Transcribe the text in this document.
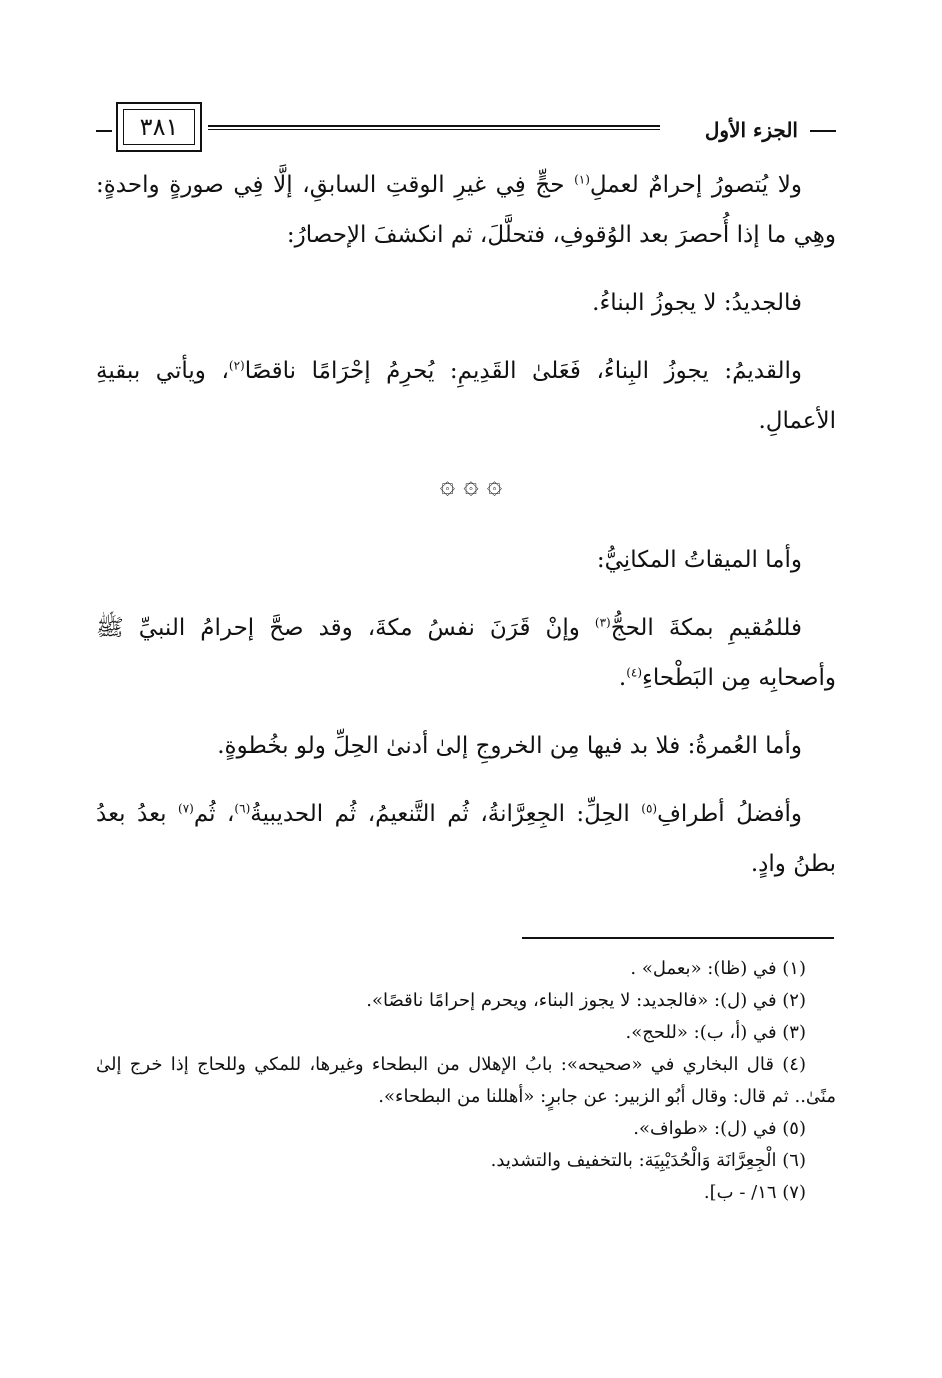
الجزء الأول
٣٨١

ولا يُتصورُ إحرامٌ لعملِ$^{(١)}$ حجٍّ فِي غيرِ الوقتِ السابقِ، إلَّا فِي صورةٍ واحدةٍ: وهِي ما إذا أُحصرَ بعد الوُقوفِ، فتحلَّلَ، ثم انكشفَ الإحصارُ:

فالجديدُ: لا يجوزُ البناءُ.

والقديمُ: يجوزُ البِناءُ، فَعَلىٰ القَدِيمِ: يُحرِمُ إحْرَامًا ناقصًا$^{(٢)}$، ويأتي ببقيةِ الأعمالِ.

۞ ۞ ۞

وأما الميقاتُ المكانِيُّ:

فللمُقيمِ بمكةَ الحجُّ$^{(٣)}$ وإنْ قَرَنَ نفسُ مكةَ، وقد صحَّ إحرامُ النبيِّ ﷺ وأصحابِه مِن البَطْحاءِ$^{(٤)}$.

وأما العُمرةُ: فلا بد فيها مِن الخروجِ إلىٰ أدنىٰ الحِلِّ ولو بخُطوةٍ.

وأفضلُ أطرافِ$^{(٥)}$ الحِلِّ: الجِعِرَّانةُ، ثُم التَّنعيمُ، ثُم الحديبيةُ$^{(٦)}$، ثُم$^{(٧)}$ بعدُ بعدُ بطنُ وادٍ.

(١) في (ظا): «بعمل» .

(٢) في (ل): «فالجديد: لا يجوز البناء، ويحرم إحرامًا ناقصًا».

(٣) في (أ، ب): «للحج».

(٤) قال البخاري في «صحيحه»: بابُ الإهلال من البطحاء وغيرها، للمكي وللحاج إذا خرج إلىٰ منًىٰ.. ثم قال: وقال أبُو الزبير: عن جابرٍ: «أهللنا من البطحاء».

(٥) في (ل): «طواف».

(٦) الْجِعِرَّانَة وَالْحُدَيْبِيَة: بالتخفيف والتشديد.

(٧) ١٦/ - ب].
